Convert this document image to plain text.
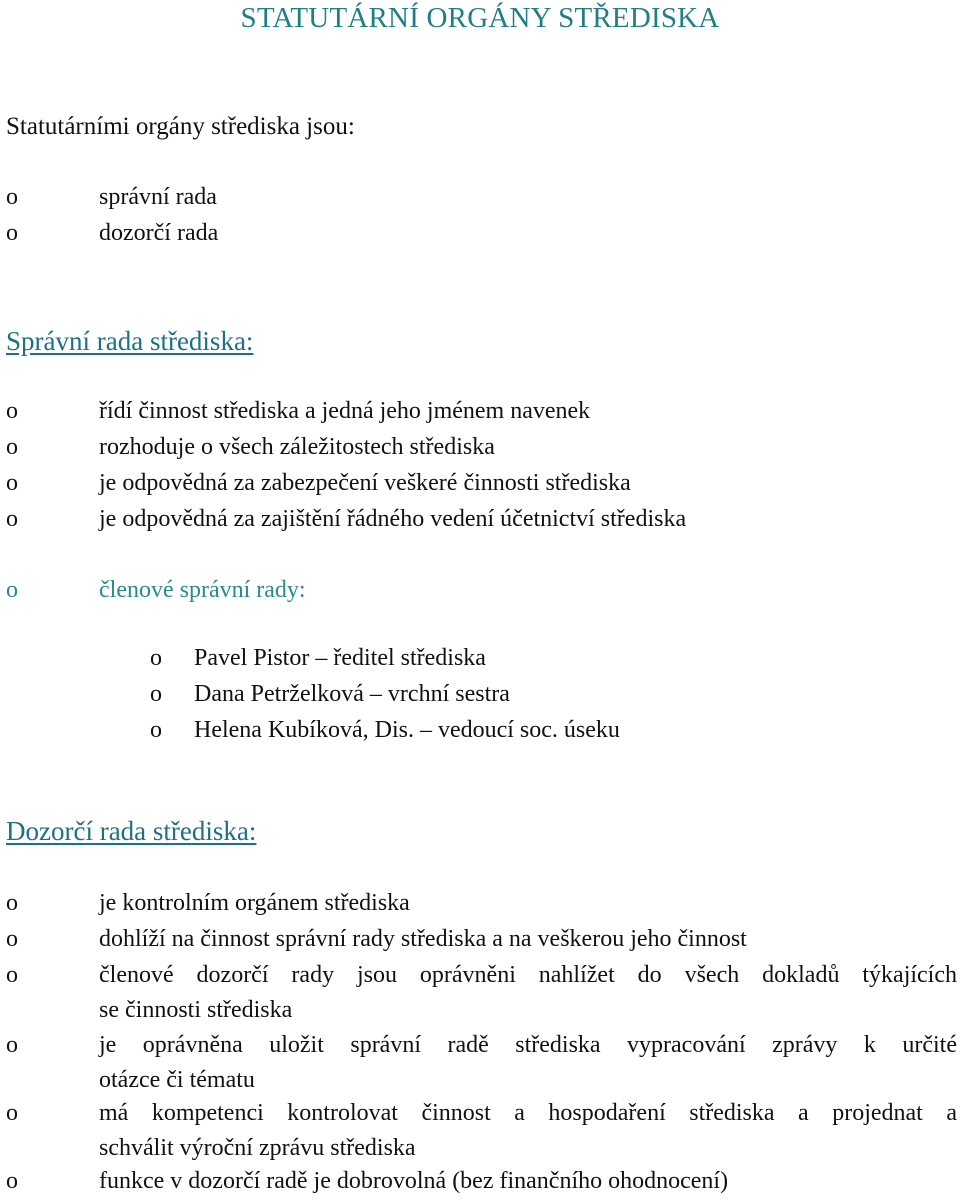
STATUTÁRNÍ ORGÁNY STŘEDISKA

Statutárními orgány střediska jsou:

o	správní rada
o	dozorčí rada
Správní rada střediska:
o	řídí činnost střediska a jedná jeho jménem navenek
o	rozhoduje o všech záležitostech střediska
o	je odpovědná za zabezpečení veškeré činnosti střediska
o	je odpovědná za zajištění řádného vedení účetnictví střediska
o	členové správní rady:
o Pavel Pistor – ředitel střediska
o Dana Petrželková – vrchní sestra
o Helena Kubíková, Dis. – vedoucí soc. úseku
Dozorčí rada střediska:
o	je kontrolním orgánem střediska
o	dohlíží na činnost správní rady střediska a na veškerou jeho činnost
o	členové dozorčí rady jsou oprávněni nahlížet do všech dokladů týkajících
se činnosti střediska
o	je oprávněna uložit správní radě střediska vypracování zprávy k určité
otázce či tématu
o	má kompetenci kontrolovat činnost a hospodaření střediska a projednat a
schválit výroční zprávu střediska
o	funkce v dozorčí radě je dobrovolná (bez finančního ohodnocení)
